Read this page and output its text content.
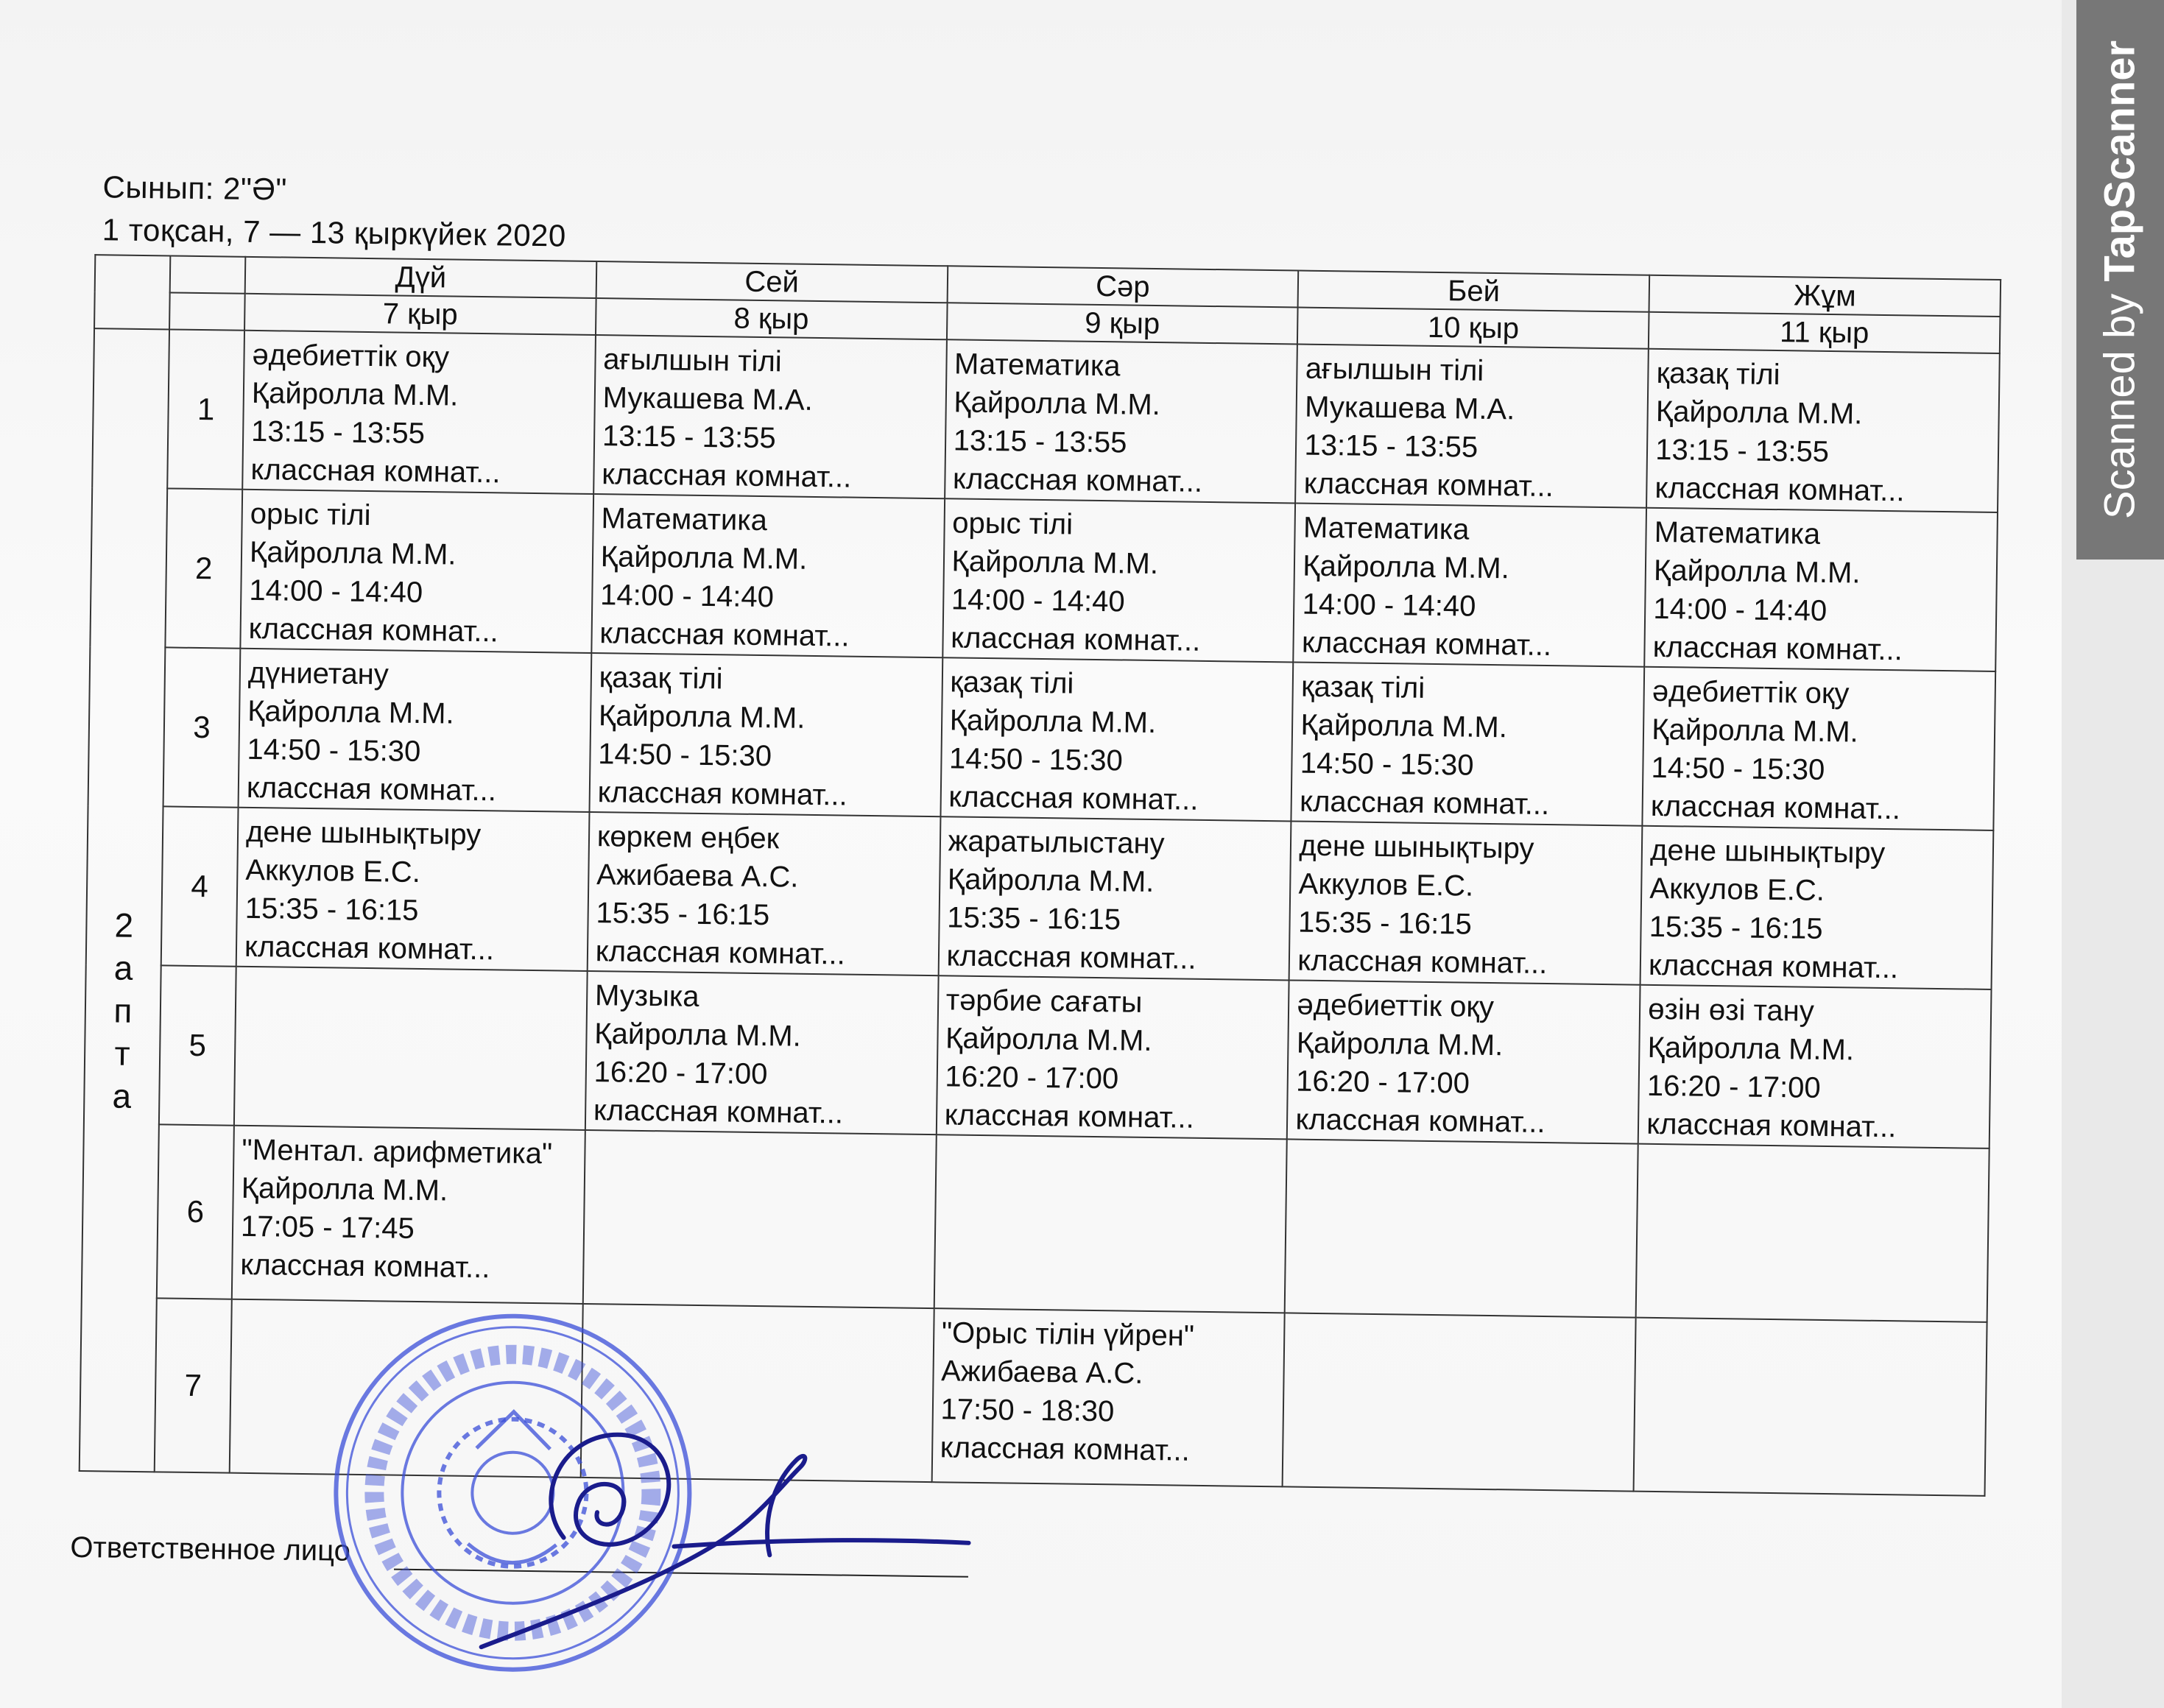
Сынып: 2"Ә"
1 тоқсан, 7 — 13 қыркүйек 2020
		Дүй	Сей	Сәр	Бей	Жұм
		7 қыр	8 қыр	9 қыр	10 қыр	11 қыр

2
а
п
т
а	1	әдебиеттік оқу
Қайролла М.М.
13:15 - 13:55
классная комнат...	ағылшын тілі
Мукашева М.А.
13:15 - 13:55
классная комнат...	Математика
Қайролла М.М.
13:15 - 13:55
классная комнат...	ағылшын тілі
Мукашева М.А.
13:15 - 13:55
классная комнат...	қазақ тілі
Қайролла М.М.
13:15 - 13:55
классная комнат...

	2	орыс тілі
Қайролла М.М.
14:00 - 14:40
классная комнат...	Математика
Қайролла М.М.
14:00 - 14:40
классная комнат...	орыс тілі
Қайролла М.М.
14:00 - 14:40
классная комнат...	Математика
Қайролла М.М.
14:00 - 14:40
классная комнат...	Математика
Қайролла М.М.
14:00 - 14:40
классная комнат...

	3	дүниетану
Қайролла М.М.
14:50 - 15:30
классная комнат...	қазақ тілі
Қайролла М.М.
14:50 - 15:30
классная комнат...	қазақ тілі
Қайролла М.М.
14:50 - 15:30
классная комнат...	қазақ тілі
Қайролла М.М.
14:50 - 15:30
классная комнат...	әдебиеттік оқу
Қайролла М.М.
14:50 - 15:30
классная комнат...

	4	дене шынықтыру
Аккулов Е.С.
15:35 - 16:15
классная комнат...	көркем еңбек
Ажибаева А.С.
15:35 - 16:15
классная комнат...	жаратылыстану
Қайролла М.М.
15:35 - 16:15
классная комнат...	дене шынықтыру
Аккулов Е.С.
15:35 - 16:15
классная комнат...	дене шынықтыру
Аккулов Е.С.
15:35 - 16:15
классная комнат...

	5		Музыка
Қайролла М.М.
16:20 - 17:00
классная комнат...	тәрбие сағаты
Қайролла М.М.
16:20 - 17:00
классная комнат...	әдебиеттік оқу
Қайролла М.М.
16:20 - 17:00
классная комнат...	өзін өзі тану
Қайролла М.М.
16:20 - 17:00
классная комнат...

	6	"Ментал. арифметика"
Қайролла М.М.
17:05 - 17:45
классная комнат...				

	7			"Орыс тілін үйрен"
Ажибаева А.С.
17:50 - 18:30
классная комнат...		

Ответственное лицо
Scanned by TapScanner
